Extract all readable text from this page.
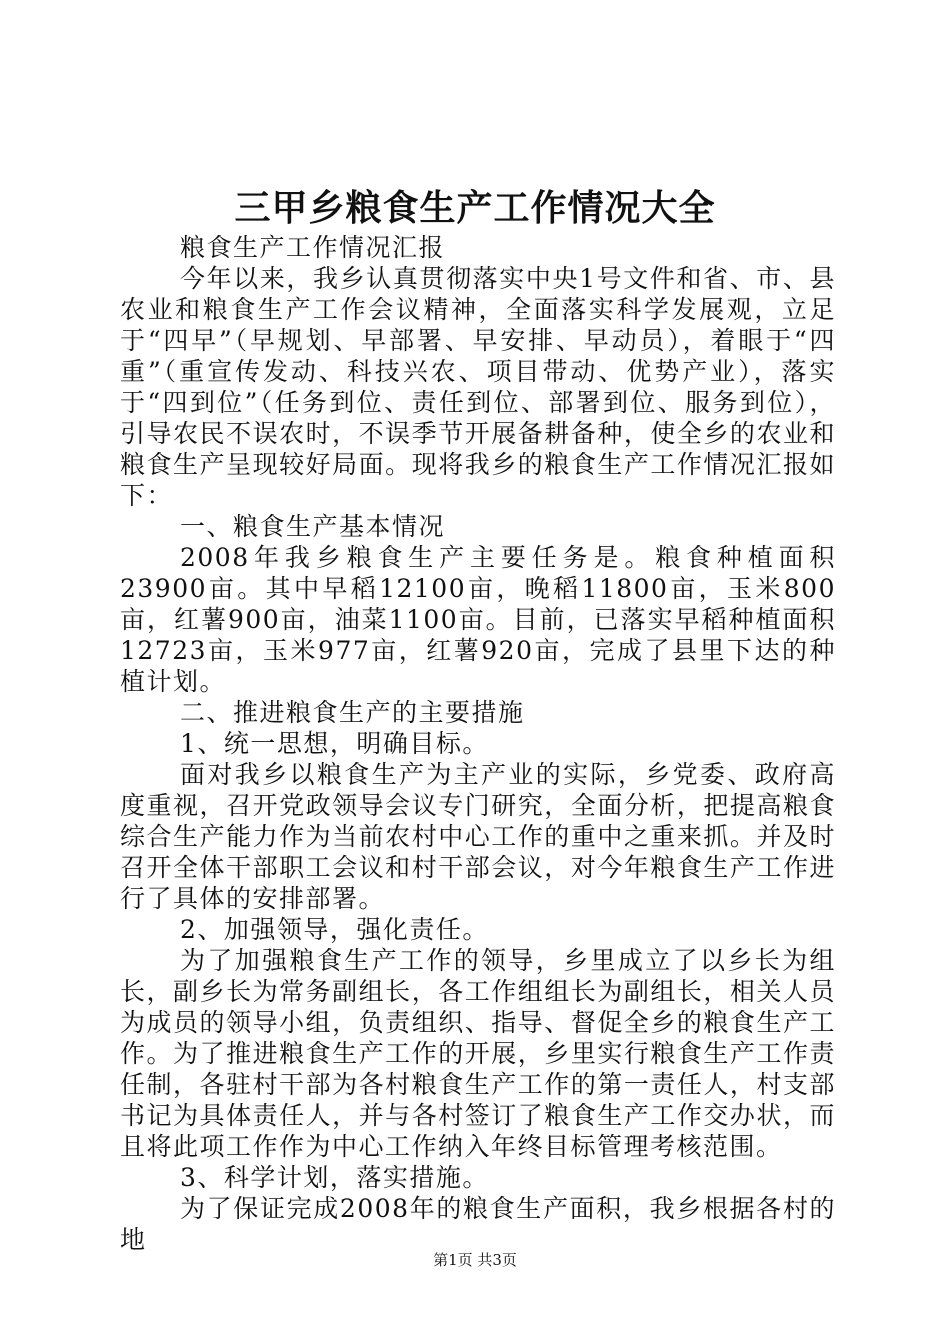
三甲乡粮食生产工作情况大全

粮食生产工作情况汇报

今年以来，我乡认真贯彻落实中央1号文件和省、市、县农业和粮食生产工作会议精神，全面落实科学发展观，立足于“四早”（早规划、早部署、早安排、早动员），着眼于“四重”（重宣传发动、科技兴农、项目带动、优势产业），落实于“四到位”（任务到位、责任到位、部署到位、服务到位），引导农民不误农时，不误季节开展备耕备种，使全乡的农业和粮食生产呈现较好局面。现将我乡的粮食生产工作情况汇报如下：

一、粮食生产基本情况

2008年我乡粮食生产主要任务是。粮食种植面积23900亩。其中早稻12100亩，晚稻11800亩，玉米800亩，红薯900亩，油菜1100亩。目前，已落实早稻种植面积12723亩，玉米977亩，红薯920亩，完成了县里下达的种植计划。

二、推进粮食生产的主要措施

1、统一思想，明确目标。

面对我乡以粮食生产为主产业的实际，乡党委、政府高度重视，召开党政领导会议专门研究，全面分析，把提高粮食综合生产能力作为当前农村中心工作的重中之重来抓。并及时召开全体干部职工会议和村干部会议，对今年粮食生产工作进行了具体的安排部署。

2、加强领导，强化责任。

为了加强粮食生产工作的领导，乡里成立了以乡长为组长，副乡长为常务副组长，各工作组组长为副组长，相关人员为成员的领导小组，负责组织、指导、督促全乡的粮食生产工作。为了推进粮食生产工作的开展，乡里实行粮食生产工作责任制，各驻村干部为各村粮食生产工作的第一责任人，村支部书记为具体责任人，并与各村签订了粮食生产工作交办状，而且将此项工作作为中心工作纳入年终目标管理考核范围。

3、科学计划，落实措施。

为了保证完成2008年的粮食生产面积，我乡根据各村的地

第1页 共3页
